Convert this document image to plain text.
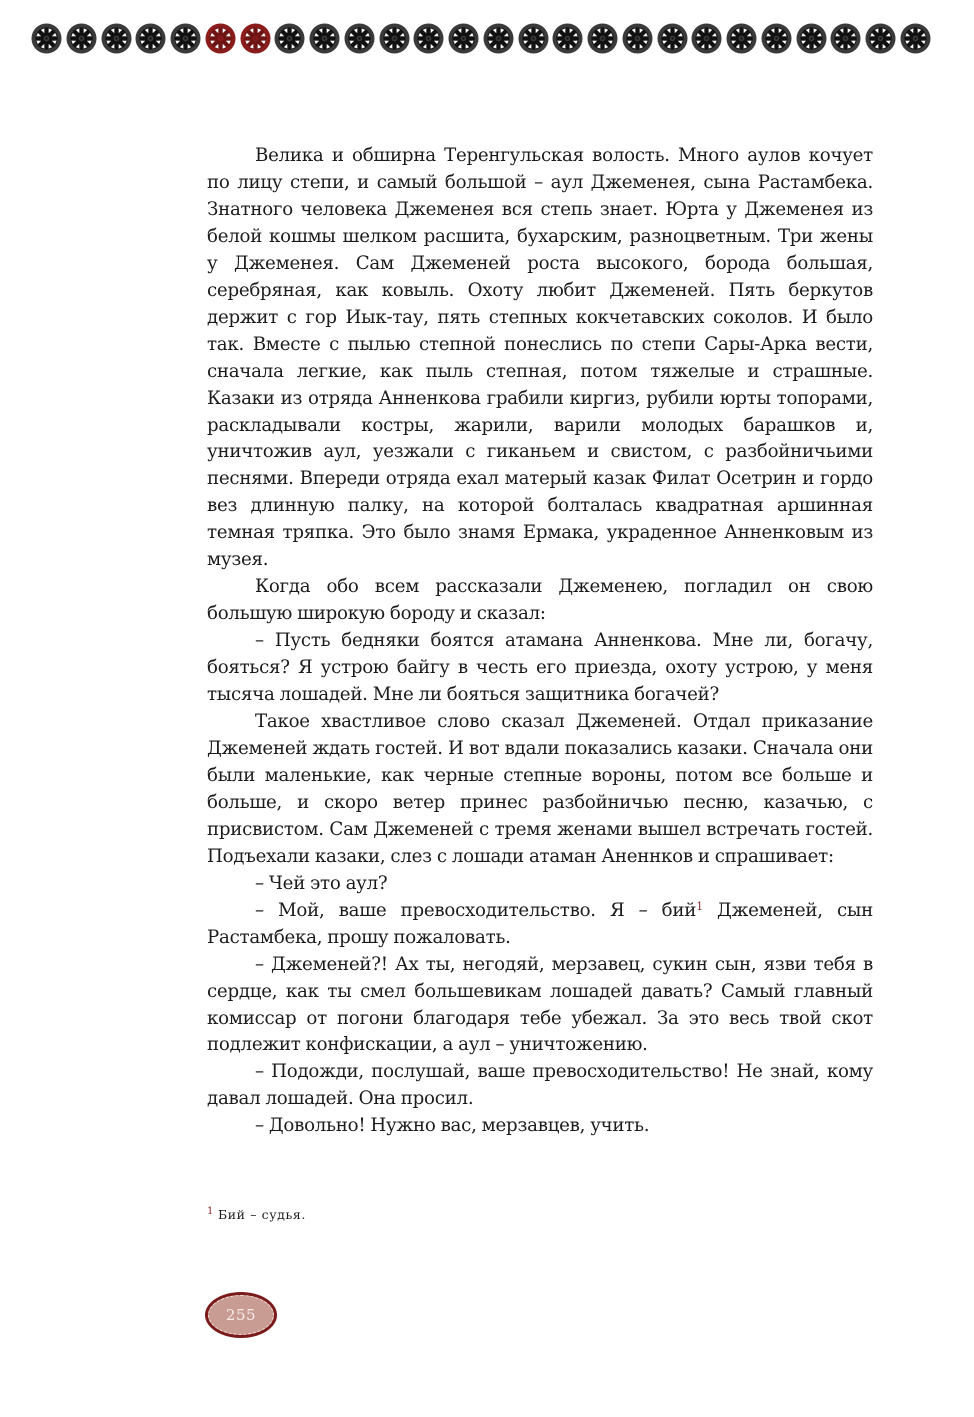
Велика и обширна Теренгульская волость. Много аулов кочует по лицу степи, и самый большой – аул Джеменея, сына Растамбека. Знатного человека Джеменея вся степь знает. Юрта у Джеменея из белой кошмы шелком расшита, бухарским, разноцветным. Три жены у Джеменея. Сам Джеменей роста высокого, борода большая, серебряная, как ковыль. Охоту любит Джеменей. Пять беркутов держит с гор Иык-тау, пять степных кокчетавских соколов. И было так. Вместе с пылью степной понеслись по степи Сары-Арка вести, сначала легкие, как пыль степная, потом тяжелые и страшные. Казаки из отряда Анненкова грабили киргиз, рубили юрты топорами, раскладывали костры, жарили, варили молодых барашков и, уничтожив аул, уезжали с гиканьем и свистом, с разбойничьими песнями. Впереди отряда ехал матерый казак Филат Осетрин и гордо вез длинную палку, на которой болталась квадратная аршинная темная тряпка. Это было знамя Ермака, украденное Анненковым из музея.

Когда обо всем рассказали Джеменею, погладил он свою большую широкую бороду и сказал:

– Пусть бедняки боятся атамана Анненкова. Мне ли, богачу, бояться? Я устрою байгу в честь его приезда, охоту устрою, у меня тысяча лошадей. Мне ли бояться защитника богачей?

Такое хвастливое слово сказал Джеменей. Отдал приказание Джеменей ждать гостей. И вот вдали показались казаки. Сначала они были маленькие, как черные степные вороны, потом все больше и больше, и скоро ветер принес разбойничью песню, казачью, с присвистом. Сам Джеменей с тремя женами вышел встречать гостей. Подъехали казаки, слез с лошади атаман Аненнков и спрашивает:

– Чей это аул?

– Мой, ваше превосходительство. Я – бий$^1$ Джеменей, сын Растамбека, прошу пожаловать.

– Джеменей?! Ах ты, негодяй, мерзавец, сукин сын, язви тебя в сердце, как ты смел большевикам лошадей давать? Самый главный комиссар от погони благодаря тебе убежал. За это весь твой скот подлежит конфискации, а аул – уничтожению.

– Подожди, послушай, ваше превосходительство! Не знай, кому давал лошадей. Она просил.

– Довольно! Нужно вас, мерзавцев, учить.

$^1$ Бий – судья.
255
